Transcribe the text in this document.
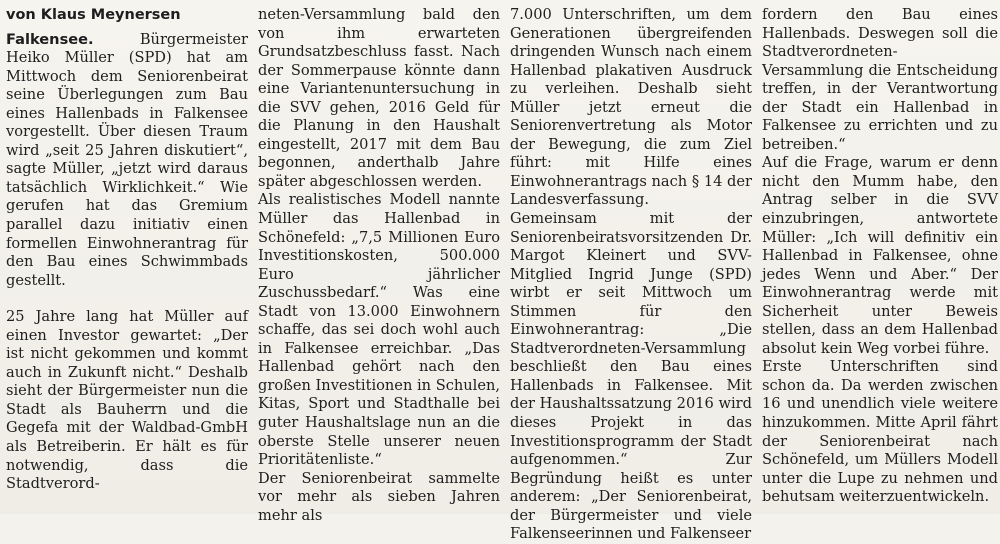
von Klaus Meynersen

Falkensee.	Bürgermeister Heiko Müller (SPD) hat am Mittwoch dem Seniorenbeirat seine Überlegungen zum Bau eines Hallenbads in Falkensee vorgestellt. Über diesen Traum wird „seit 25 Jahren diskutiert“, sagte Müller, „jetzt wird daraus tatsächlich Wirklichkeit.“ Wie gerufen hat das Gremium parallel dazu initiativ einen formellen Einwohnerantrag für den Bau eines Schwimmbads gestellt.

25 Jahre lang hat Müller auf einen Investor gewartet: „Der ist nicht gekommen und kommt auch in Zukunft nicht.“ Deshalb sieht der Bürgermeister nun die Stadt als Bauherrn und die Gegefa mit der Waldbad-GmbH als Betreiberin. Er hält es für notwendig, dass die Stadtverord-

neten-Versammlung bald den von ihm erwarteten Grundsatzbeschluss fasst. Nach der Sommerpause könnte dann eine Variantenuntersuchung in die SVV gehen, 2016 Geld für die Planung in den Haushalt eingestellt, 2017 mit dem Bau begonnen, anderthalb Jahre später abgeschlossen werden.

Als realistisches Modell nannte Müller das Hallenbad in Schönefeld: „7,5 Millionen Euro Investitionskosten, 500.000 Euro jährlicher Zuschussbedarf.“ Was eine Stadt von 13.000 Einwohnern schaffe, das sei doch wohl auch in Falkensee erreichbar. „Das Hallenbad gehört nach den großen Investitionen in Schulen, Kitas, Sport und Stadthalle bei guter Haushaltslage nun an die oberste Stelle unserer neuen Prioritätenliste.“

Der Seniorenbeirat sammelte vor mehr als sieben Jahren mehr als

7.000 Unterschriften, um dem Generationen übergreifenden dringenden Wunsch nach einem Hallenbad plakativen Ausdruck zu verleihen. Deshalb sieht Müller jetzt erneut die Seniorenvertretung als Motor der Bewegung, die zum Ziel führt: mit Hilfe eines Einwohnerantrags nach § 14 der Landesverfassung.

Gemeinsam mit der Seniorenbeiratsvorsitzenden Dr. Margot Kleinert und SVV-Mitglied Ingrid Junge (SPD) wirbt er seit Mittwoch um Stimmen für den Einwohnerantrag: „Die Stadtverordneten-Versammlung beschließt den Bau eines Hallenbads in Falkensee. Mit der Haushaltssatzung 2016 wird dieses Projekt in das Investitionsprogramm der Stadt aufgenommen.“ Zur Begründung heißt es unter anderem: „Der Seniorenbeirat, der Bürgermeister und viele Falkenseerinnen und Falkenseer

fordern den Bau eines Hallenbads. Deswegen soll die Stadtverordneten-Versammlung die Entscheidung treffen, in der Verantwortung der Stadt ein Hallenbad in Falkensee zu errichten und zu betreiben.“

Auf die Frage, warum er denn nicht den Mumm habe, den Antrag selber in die SVV einzubringen, antwortete Müller: „Ich will definitiv ein Hallenbad in Falkensee, ohne jedes Wenn und Aber.“ Der Einwohnerantrag werde mit Sicherheit unter Beweis stellen, dass an dem Hallenbad absolut kein Weg vorbei führe.

Erste Unterschriften sind schon da. Da werden zwischen 16 und unendlich viele weitere hinzukommen. Mitte April fährt der Seniorenbeirat nach Schönefeld, um Müllers Modell unter die Lupe zu nehmen und behutsam weiterzuentwickeln.
